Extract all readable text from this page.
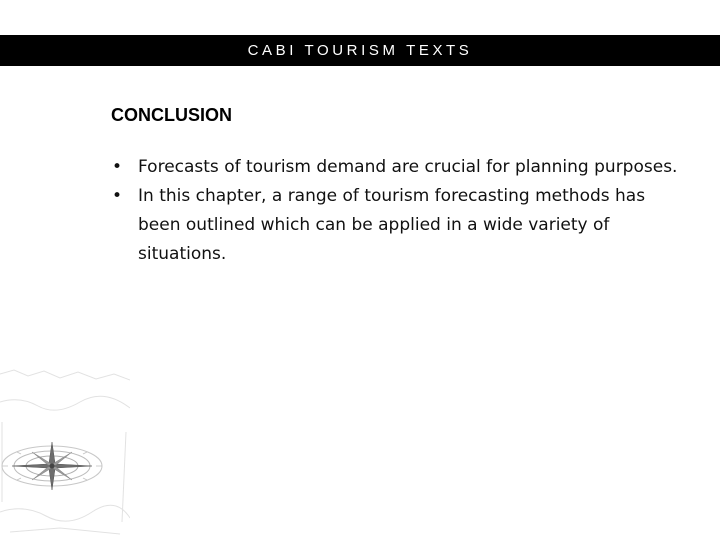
CABI TOURISM TEXTS
CONCLUSION
• Forecasts of tourism demand are crucial for planning purposes.
• In this chapter, a range of tourism forecasting methods has been outlined which can be applied in a wide variety of situations.
